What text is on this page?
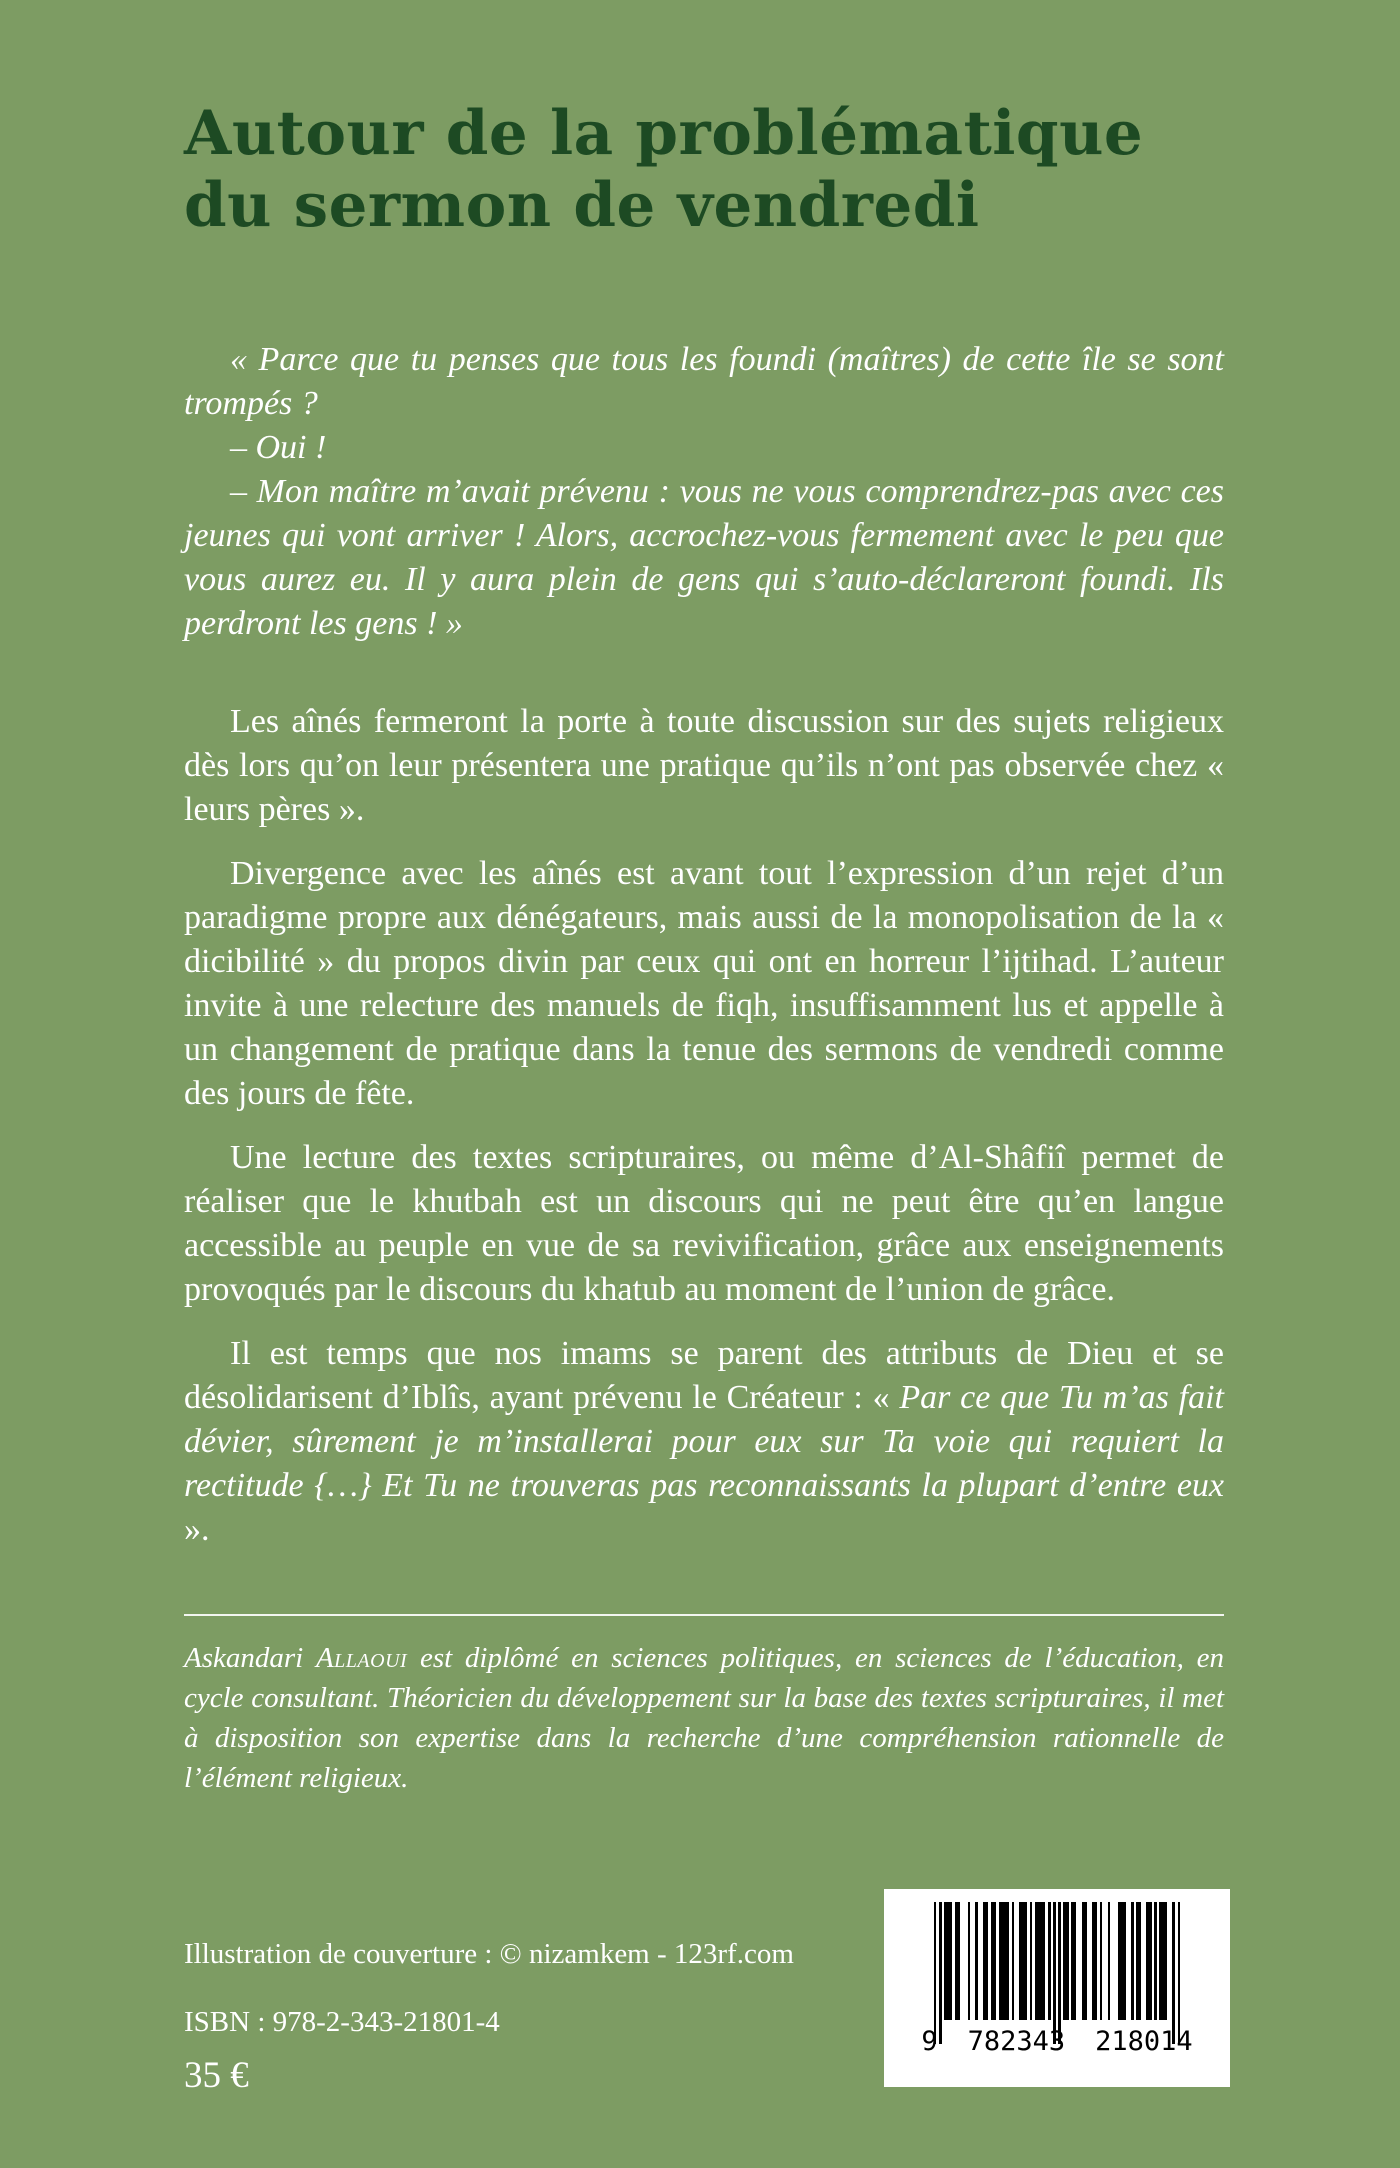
Autour de la problématique
du sermon de vendredi

« Parce que tu penses que tous les foundi (maîtres) de cette île se sont trompés ?

– Oui !

– Mon maître m’avait prévenu : vous ne vous comprendrez-pas avec ces jeunes qui vont arriver ! Alors, accrochez-vous fermement avec le peu que vous aurez eu. Il y aura plein de gens qui s’auto-déclareront foundi. Ils perdront les gens ! »

Les aînés fermeront la porte à toute discussion sur des sujets religieux dès lors qu’on leur présentera une pratique qu’ils n’ont pas observée chez « leurs pères ».

Divergence avec les aînés est avant tout l’expression d’un rejet d’un paradigme propre aux dénégateurs, mais aussi de la monopolisation de la « dicibilité » du propos divin par ceux qui ont en horreur l’ijtihad. L’auteur invite à une relecture des manuels de fiqh, insuffisamment lus et appelle à un changement de pratique dans la tenue des sermons de vendredi comme des jours de fête.

Une lecture des textes scripturaires, ou même d’Al-Shâfiî permet de réaliser que le khutbah est un discours qui ne peut être qu’en langue accessible au peuple en vue de sa revivification, grâce aux enseignements provoqués par le discours du khatub au moment de l’union de grâce.

Il est temps que nos imams se parent des attributs de Dieu et se désolidarisent d’Iblîs, ayant prévenu le Créateur : « Par ce que Tu m’as fait dévier, sûrement je m’installerai pour eux sur Ta voie qui requiert la rectitude {…} Et Tu ne trouveras pas reconnaissants la plupart d’entre eux ».

Askandari Allaoui est diplômé en sciences politiques, en sciences de l’éducation, en cycle consultant. Théoricien du développement sur la base des textes scripturaires, il met à disposition son expertise dans la recherche d’une compréhension rationnelle de l’élément religieux.

Illustration de couverture : © nizamkem - 123rf.com
ISBN : 978-2-343-21801-4
35 €
9 782343 218014
